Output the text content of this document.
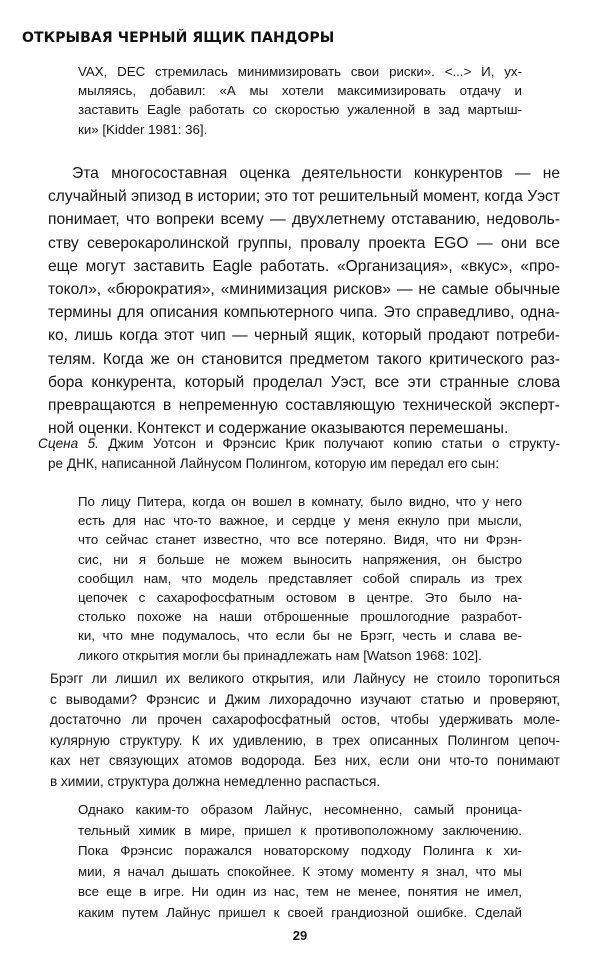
ОТКРЫВАЯ ЧЕРНЫЙ ЯЩИК ПАНДОРЫ
VAX, DEC стремилась минимизировать свои риски». <...> И, ух-
мыляясь, добавил: «А мы хотели максимизировать отдачу и
заставить Eagle работать со скоростью ужаленной в зад мартыш-
ки» [Kidder 1981: 36].
Эта многосоставная оценка деятельности конкурентов — не
случайный эпизод в истории; это тот решительный момент, когда Уэст
понимает, что вопреки всему — двухлетнему отставанию, недоволь-
ству северокаролинской группы, провалу проекта EGO — они все
еще могут заставить Eagle работать. «Организация», «вкус», «про-
токол», «бюрократия», «минимизация рисков» — не самые обычные
термины для описания компьютерного чипа. Это справедливо, одна-
ко, лишь когда этот чип — черный ящик, который продают потреби-
телям. Когда же он становится предметом такого критического раз-
бора конкурента, который проделал Уэст, все эти странные слова
превращаются в непременную составляющую технической эксперт-
ной оценки. Контекст и содержание оказываются перемешаны.
Сцена 5. Джим Уотсон и Фрэнсис Крик получают копию статьи о структу-
ре ДНК, написанной Лайнусом Полингом, которую им передал его сын:
По лицу Питера, когда он вошел в комнату, было видно, что у него
есть для нас что-то важное, и сердце у меня екнуло при мысли,
что сейчас станет известно, что все потеряно. Видя, что ни Фрэн-
сис, ни я больше не можем выносить напряжения, он быстро
сообщил нам, что модель представляет собой спираль из трех
цепочек с сахарофосфатным остовом в центре. Это было на-
столько похоже на наши отброшенные прошлогодние разработ-
ки, что мне подумалось, что если бы не Брэгг, честь и слава ве-
ликого открытия могли бы принадлежать нам [Watson 1968: 102].
Брэгг ли лишил их великого открытия, или Лайнусу не стоило торопиться
с выводами? Фрэнсис и Джим лихорадочно изучают статью и проверяют,
достаточно ли прочен сахарофосфатный остов, чтобы удерживать моле-
кулярную структуру. К их удивлению, в трех описанных Полингом цепоч-
ках нет связующих атомов водорода. Без них, если они что-то понимают
в химии, структура должна немедленно распасться.
Однако каким-то образом Лайнус, несомненно, самый проница-
тельный химик в мире, пришел к противоположному заключению.
Пока Фрэнсис поражался новаторскому подходу Полинга к хи-
мии, я начал дышать спокойнее. К этому моменту я знал, что мы
все еще в игре. Ни один из нас, тем не менее, понятия не имел,
каким путем Лайнус пришел к своей грандиозной ошибке. Сделай
29
